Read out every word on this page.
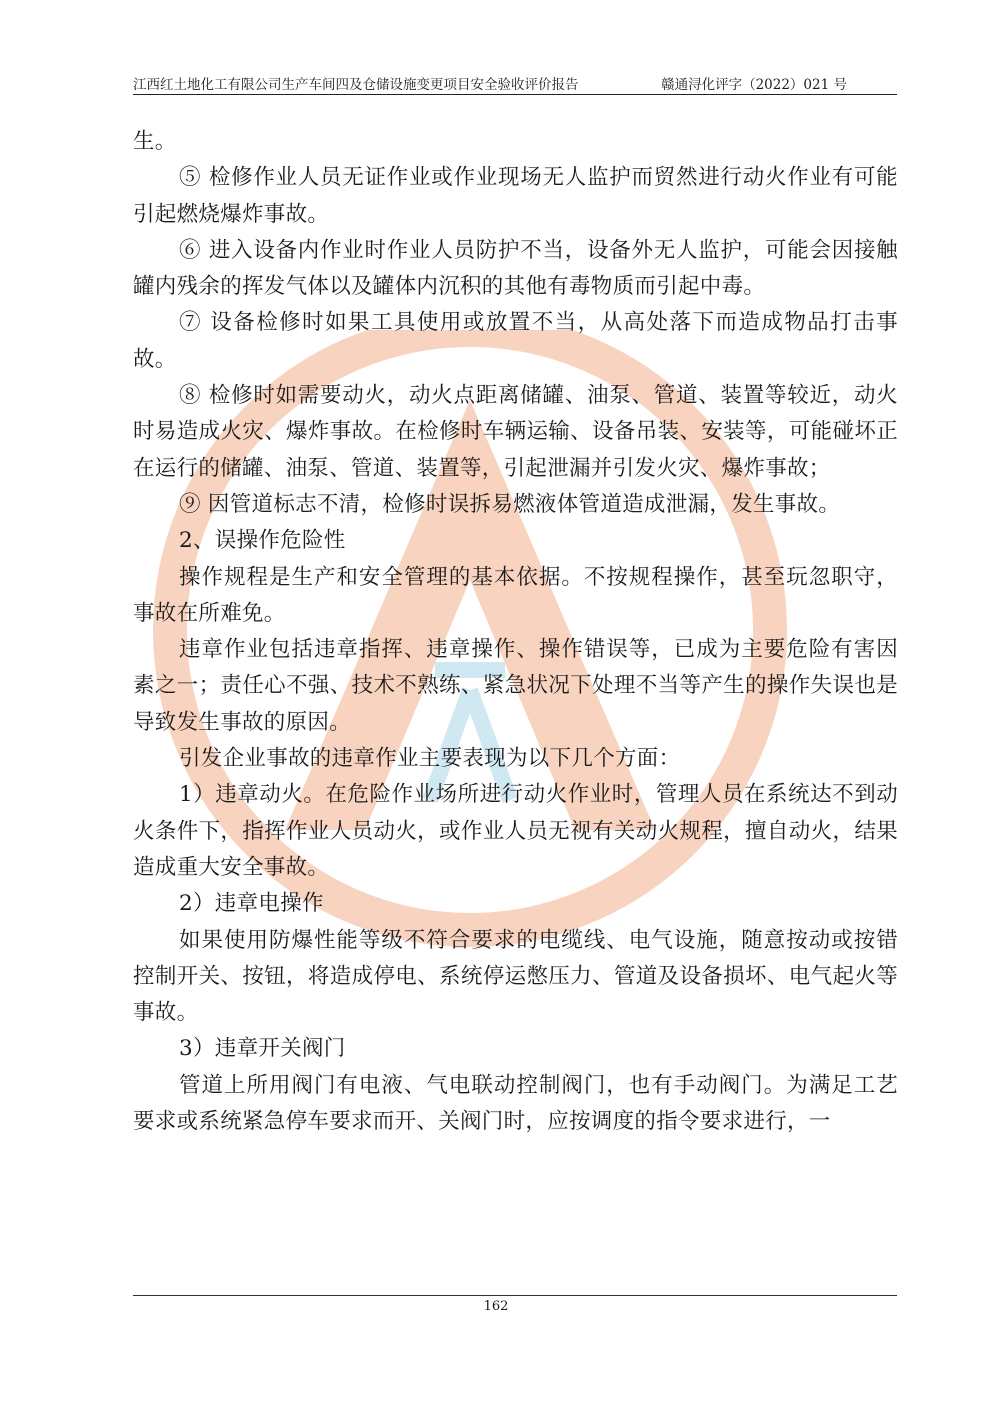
江西红土地化工有限公司生产车间四及仓储设施变更项目安全验收评价报告	赣通浔化评字（2022）021 号

生。

⑤ 检修作业人员无证作业或作业现场无人监护而贸然进行动火作业有可能引起燃烧爆炸事故。

⑥ 进入设备内作业时作业人员防护不当，设备外无人监护，可能会因接触罐内残余的挥发气体以及罐体内沉积的其他有毒物质而引起中毒。

⑦ 设备检修时如果工具使用或放置不当，从高处落下而造成物品打击事故。

⑧ 检修时如需要动火，动火点距离储罐、油泵、管道、装置等较近，动火时易造成火灾、爆炸事故。在检修时车辆运输、设备吊装、安装等，可能碰坏正在运行的储罐、油泵、管道、装置等，引起泄漏并引发火灾、爆炸事故；

⑨ 因管道标志不清，检修时误拆易燃液体管道造成泄漏，发生事故。

2、误操作危险性

操作规程是生产和安全管理的基本依据。不按规程操作，甚至玩忽职守，事故在所难免。

违章作业包括违章指挥、违章操作、操作错误等，已成为主要危险有害因素之一；责任心不强、技术不熟练、紧急状况下处理不当等产生的操作失误也是导致发生事故的原因。

引发企业事故的违章作业主要表现为以下几个方面：

1）违章动火。在危险作业场所进行动火作业时，管理人员在系统达不到动火条件下，指挥作业人员动火，或作业人员无视有关动火规程，擅自动火，结果造成重大安全事故。

2）违章电操作

如果使用防爆性能等级不符合要求的电缆线、电气设施，随意按动或按错控制开关、按钮，将造成停电、系统停运憋压力、管道及设备损坏、电气起火等事故。

3）违章开关阀门

管道上所用阀门有电液、气电联动控制阀门，也有手动阀门。为满足工艺要求或系统紧急停车要求而开、关阀门时，应按调度的指令要求进行，一

162
